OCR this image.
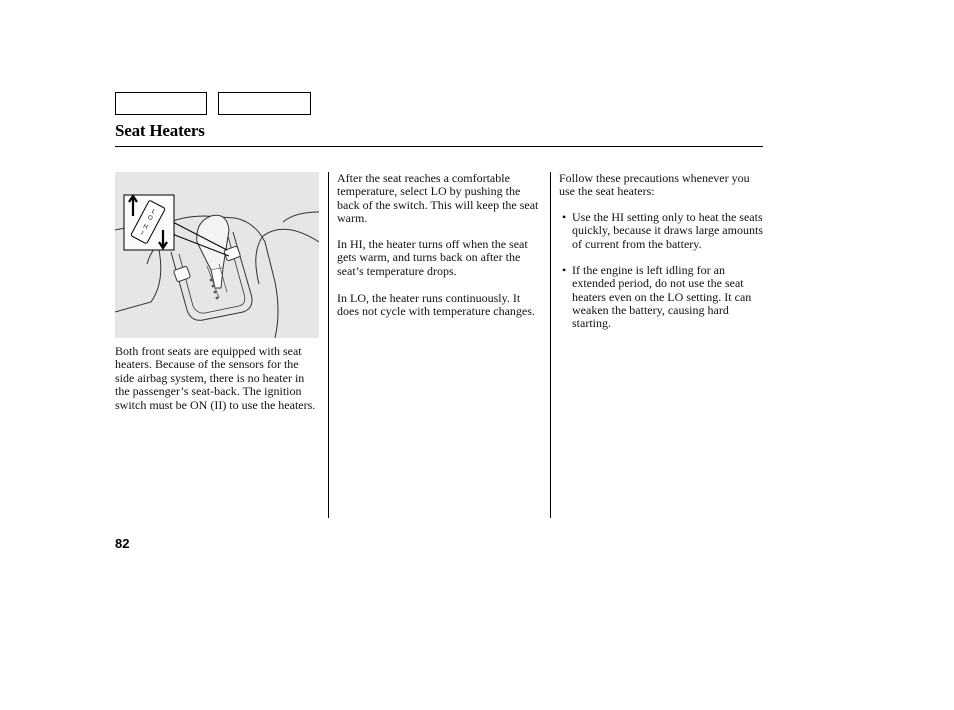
Seat Heaters
L
O
H
I

Both front seats are equipped with seat heaters. Because of the sensors for the side airbag system, there is no heater in the passenger’s seat-back. The ignition switch must be ON (II) to use the heaters.

After the seat reaches a comfortable temperature, select LO by pushing the back of the switch. This will keep the seat warm.

In HI, the heater turns off when the seat gets warm, and turns back on after the seat’s temperature drops.

In LO, the heater runs continuously. It does not cycle with temperature changes.

Follow these precautions whenever you use the seat heaters:

• Use the HI setting only to heat the seats quickly, because it draws large amounts of current from the battery.
• If the engine is left idling for an extended period, do not use the seat heaters even on the LO setting. It can weaken the battery, causing hard starting.
82
